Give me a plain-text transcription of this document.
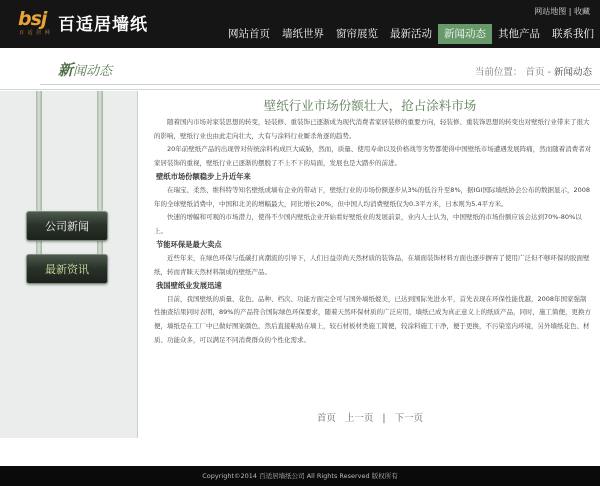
bsj
百 适 居 网 百适居墙纸
网站地图 | 收藏
网站首页	墙纸世界	窗帘展览	最新活动	新闻动态	其他产品	联系我们
新闻动态	当前位置： 首页 - 新闻动态
公司新闻
最新资讯
壁纸行业市场份额壮大，抢占涂料市场

随着国内市场对家装思想的转变，轻装修、重装饰已逐渐成为现代消费者家居装修的重要方向，轻装修、重装饰思想的转变也对壁纸行业带来了很大的影响，壁纸行业也由此走向壮大，大有与涂料行业厮杀角逐的趋势。

20年前壁纸产品的出现曾对传统涂料构成巨大威胁，然而，质量、使用寿命以及价格战等劣势都使得中国壁纸市场遭遇发展阵痛，然而随着消费者对家居装饰的重视，壁纸行业已逐渐的摆脱了不上不下的局面，发展也是大踏步的前进。

壁纸市场份额稳步上升近年来

在瑞宝、柔然、维科特等知名壁纸或墙布企业的带动下，壁纸行业的市场份额逐步从3%的低谷升至8%，据IGI国际墙纸协会公布的数据显示，2008年的全球壁纸消费中，中国和北美的增幅最大，同比增长20%，但中国人均消费壁纸仅为0.3平方米，日本则为5.4平方米。

快速的增幅和可观的市场潜力，使得不少国内壁纸企业开始看好壁纸业的发展前景，业内人士认为，中国壁纸的市场份额应该会达到70%-80%以上。

节能环保是最大卖点

近些年来，在绿色环保与低碳打真潮流的引导下，人们日益崇尚天然材质的装饰品，在墙面装饰材料方面也逐步摒弃了使用广泛但不够环保的胶面壁纸，转而青睐天然材料制成的壁纸产品。

我国壁纸业发展迅速

目前，我国壁纸的质量、花色、品种、档次、功能方面完全可与国外墙纸媲美，已达到国际先进水平，首先表现在环保性能优越，2008年国家强制性抽查结果同时表明，89%的产品符合国际绿色环保要求，随着天然环保材质的广泛应用，墙纸已成为真正意义上的纸质产品，同时，施工简便，更换方便，墙纸是在工厂中已做好图案颜色，然后直接粘贴在墙上，较石材板材类施工简便，较涂料施工干净，便于更换，不污染室内环境，另外墙纸花色、材质、功能众多，可以满足不同消费群众的个性化需求。

首页 上一页 | 下一页
Copyright©2014 百适居墙纸公司 All Rights Reserved 版权所有
